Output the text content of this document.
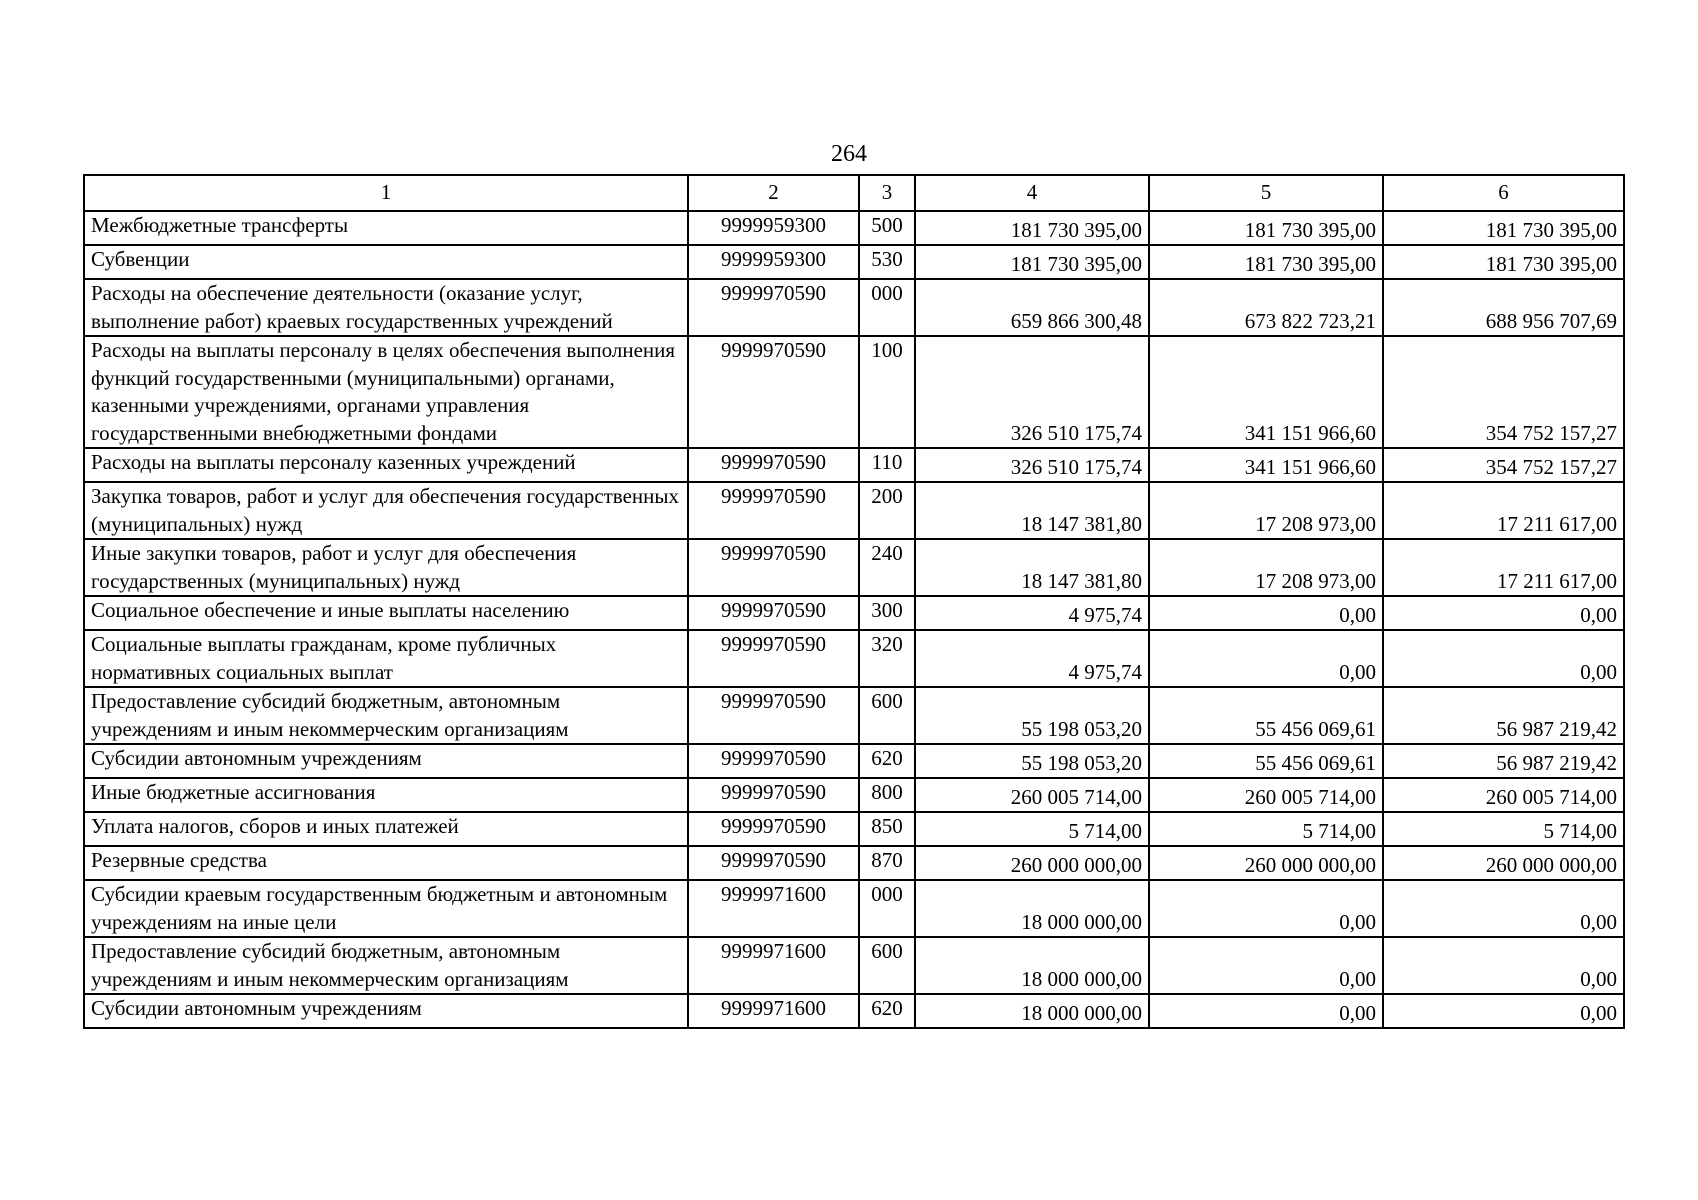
264
1	2	3	4	5	6
Межбюджетные трансферты	9999959300	500	181 730 395,00	181 730 395,00	181 730 395,00
Субвенции	9999959300	530	181 730 395,00	181 730 395,00	181 730 395,00
Расходы на обеспечение деятельности (оказание услуг, выполнение работ) краевых государственных учреждений	9999970590	000	659 866 300,48	673 822 723,21	688 956 707,69
Расходы на выплаты персоналу в целях обеспечения выполнения функций государственными (муниципальными) органами, казенными учреждениями, органами управления государственными внебюджетными фондами	9999970590	100	326 510 175,74	341 151 966,60	354 752 157,27
Расходы на выплаты персоналу казенных учреждений	9999970590	110	326 510 175,74	341 151 966,60	354 752 157,27
Закупка товаров, работ и услуг для обеспечения государственных (муниципальных) нужд	9999970590	200	18 147 381,80	17 208 973,00	17 211 617,00
Иные закупки товаров, работ и услуг для обеспечения государственных (муниципальных) нужд	9999970590	240	18 147 381,80	17 208 973,00	17 211 617,00
Социальное обеспечение и иные выплаты населению	9999970590	300	4 975,74	0,00	0,00
Социальные выплаты гражданам, кроме публичных нормативных социальных выплат	9999970590	320	4 975,74	0,00	0,00
Предоставление субсидий бюджетным, автономным учреждениям и иным некоммерческим организациям	9999970590	600	55 198 053,20	55 456 069,61	56 987 219,42
Субсидии автономным учреждениям	9999970590	620	55 198 053,20	55 456 069,61	56 987 219,42
Иные бюджетные ассигнования	9999970590	800	260 005 714,00	260 005 714,00	260 005 714,00
Уплата налогов, сборов и иных платежей	9999970590	850	5 714,00	5 714,00	5 714,00
Резервные средства	9999970590	870	260 000 000,00	260 000 000,00	260 000 000,00
Субсидии краевым государственным бюджетным и автономным учреждениям на иные цели	9999971600	000	18 000 000,00	0,00	0,00
Предоставление субсидий бюджетным, автономным учреждениям и иным некоммерческим организациям	9999971600	600	18 000 000,00	0,00	0,00
Субсидии автономным учреждениям	9999971600	620	18 000 000,00	0,00	0,00
